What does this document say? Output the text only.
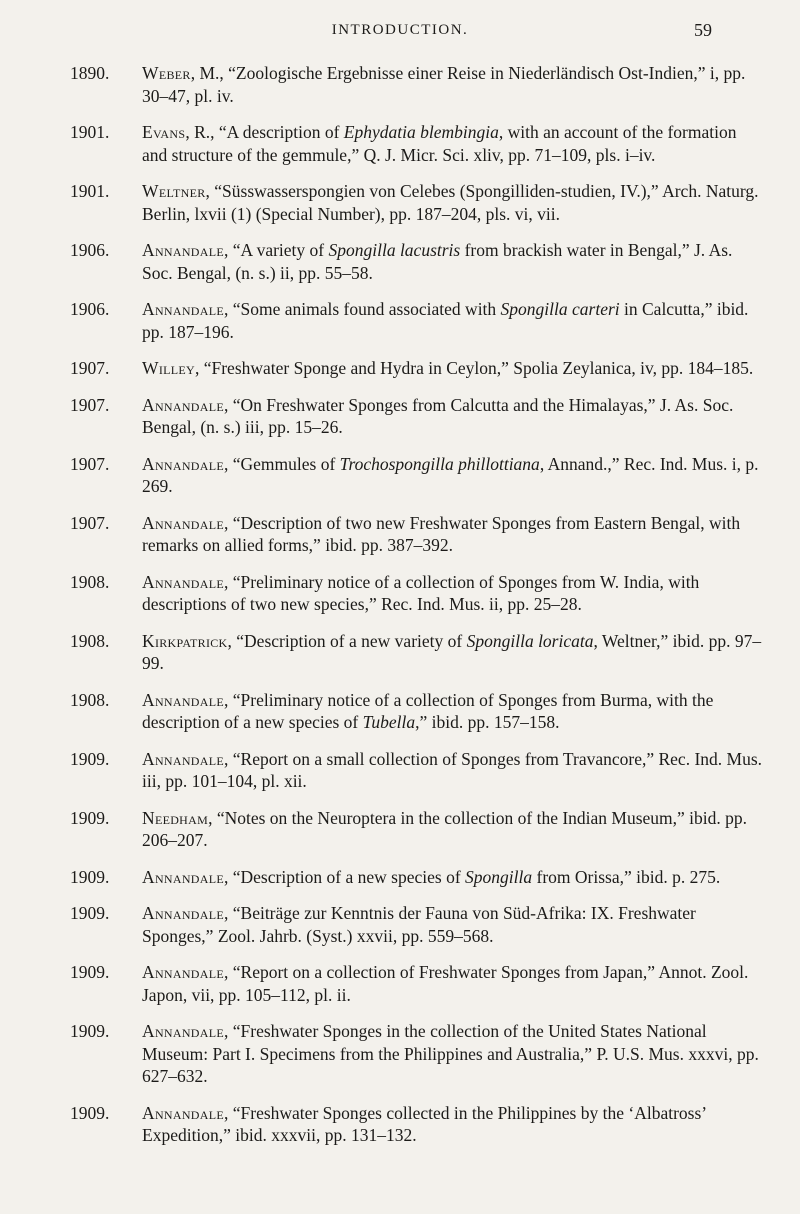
INTRODUCTION.	59
1890.	Weber, M., “Zoologische Ergebnisse einer Reise in Niederländisch Ost-Indien,” i, pp. 30–47, pl. iv.
1901.	Evans, R., “A description of Ephydatia blembingia, with an account of the formation and structure of the gemmule,” Q. J. Micr. Sci. xliv, pp. 71–109, pls. i–iv.
1901.	Weltner, “Süsswasserspongien von Celebes (Spongilliden-studien, IV.),” Arch. Naturg. Berlin, lxvii (1) (Special Number), pp. 187–204, pls. vi, vii.
1906.	Annandale, “A variety of Spongilla lacustris from brackish water in Bengal,” J. As. Soc. Bengal, (n. s.) ii, pp. 55–58.
1906.	Annandale, “Some animals found associated with Spongilla carteri in Calcutta,” ibid. pp. 187–196.
1907.	Willey, “Freshwater Sponge and Hydra in Ceylon,” Spolia Zeylanica, iv, pp. 184–185.
1907.	Annandale, “On Freshwater Sponges from Calcutta and the Himalayas,” J. As. Soc. Bengal, (n. s.) iii, pp. 15–26.
1907.	Annandale, “Gemmules of Trochospongilla phillottiana, Annand.,” Rec. Ind. Mus. i, p. 269.
1907.	Annandale, “Description of two new Freshwater Sponges from Eastern Bengal, with remarks on allied forms,” ibid. pp. 387–392.
1908.	Annandale, “Preliminary notice of a collection of Sponges from W. India, with descriptions of two new species,” Rec. Ind. Mus. ii, pp. 25–28.
1908.	Kirkpatrick, “Description of a new variety of Spongilla loricata, Weltner,” ibid. pp. 97–99.
1908.	Annandale, “Preliminary notice of a collection of Sponges from Burma, with the description of a new species of Tubella,” ibid. pp. 157–158.
1909.	Annandale, “Report on a small collection of Sponges from Travancore,” Rec. Ind. Mus. iii, pp. 101–104, pl. xii.
1909.	Needham, “Notes on the Neuroptera in the collection of the Indian Museum,” ibid. pp. 206–207.
1909.	Annandale, “Description of a new species of Spongilla from Orissa,” ibid. p. 275.
1909.	Annandale, “Beiträge zur Kenntnis der Fauna von Süd-Afrika: IX. Freshwater Sponges,” Zool. Jahrb. (Syst.) xxvii, pp. 559–568.
1909.	Annandale, “Report on a collection of Freshwater Sponges from Japan,” Annot. Zool. Japon, vii, pp. 105–112, pl. ii.
1909.	Annandale, “Freshwater Sponges in the collection of the United States National Museum: Part I. Specimens from the Philippines and Australia,” P. U.S. Mus. xxxvi, pp. 627–632.
1909.	Annandale, “Freshwater Sponges collected in the Philippines by the ‘Albatross’ Expedition,” ibid. xxxvii, pp. 131–132.
